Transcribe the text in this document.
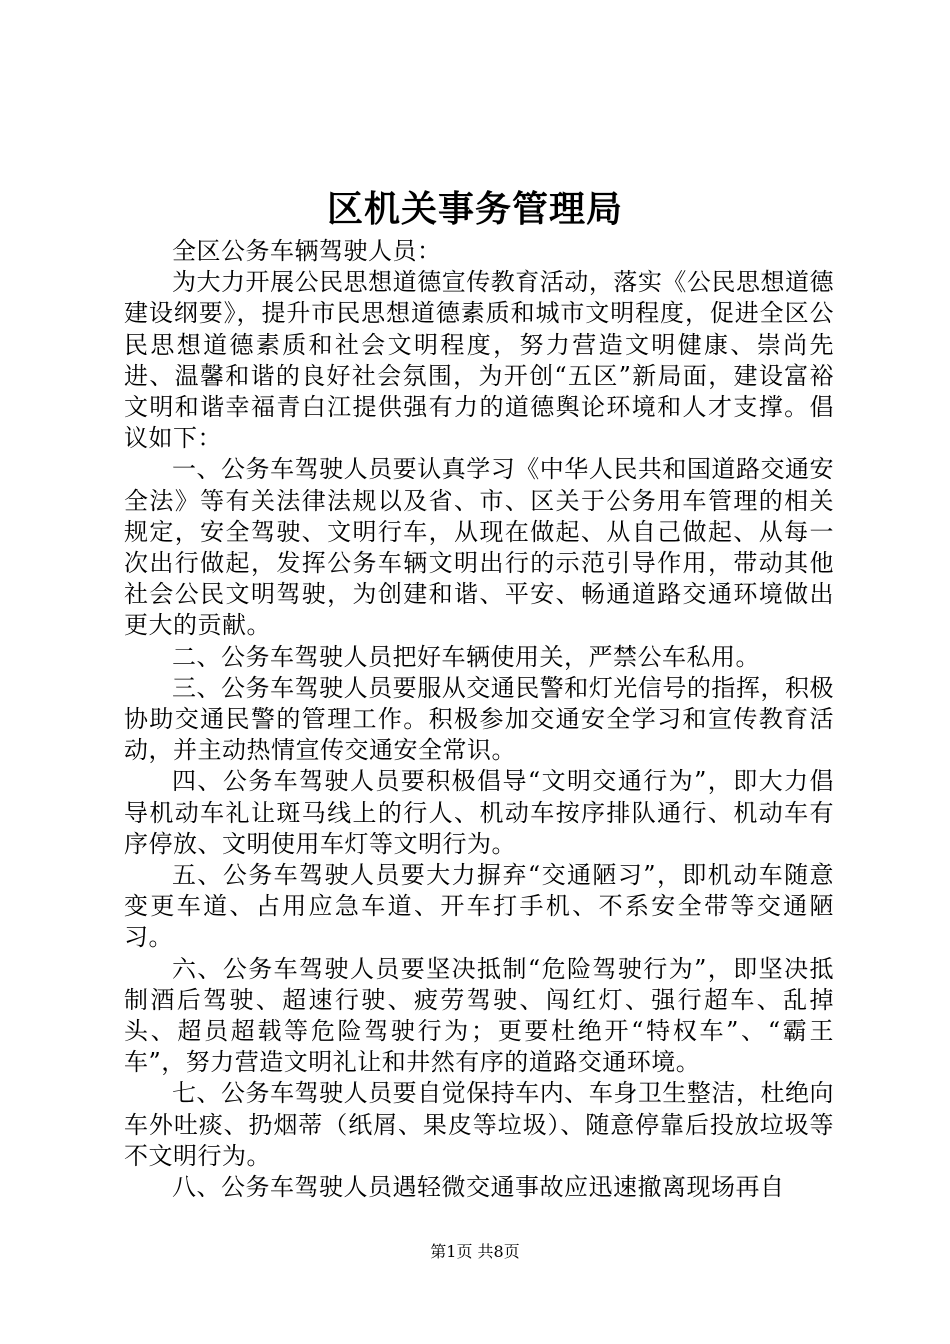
区机关事务管理局

全区公务车辆驾驶人员：

为大力开展公民思想道德宣传教育活动，落实《公民思想道德建设纲要》，提升市民思想道德素质和城市文明程度，促进全区公民思想道德素质和社会文明程度，努力营造文明健康、崇尚先进、温馨和谐的良好社会氛围，为开创“五区”新局面，建设富裕文明和谐幸福青白江提供强有力的道德舆论环境和人才支撑。倡议如下：

一、公务车驾驶人员要认真学习《中华人民共和国道路交通安全法》等有关法律法规以及省、市、区关于公务用车管理的相关规定，安全驾驶、文明行车，从现在做起、从自己做起、从每一次出行做起，发挥公务车辆文明出行的示范引导作用，带动其他社会公民文明驾驶，为创建和谐、平安、畅通道路交通环境做出更大的贡献。

二、公务车驾驶人员把好车辆使用关，严禁公车私用。

三、公务车驾驶人员要服从交通民警和灯光信号的指挥，积极协助交通民警的管理工作。积极参加交通安全学习和宣传教育活动，并主动热情宣传交通安全常识。

四、公务车驾驶人员要积极倡导“文明交通行为”，即大力倡导机动车礼让斑马线上的行人、机动车按序排队通行、机动车有序停放、文明使用车灯等文明行为。

五、公务车驾驶人员要大力摒弃“交通陋习”，即机动车随意变更车道、占用应急车道、开车打手机、不系安全带等交通陋习。

六、公务车驾驶人员要坚决抵制“危险驾驶行为”，即坚决抵制酒后驾驶、超速行驶、疲劳驾驶、闯红灯、强行超车、乱掉头、超员超载等危险驾驶行为；更要杜绝开“特权车”、“霸王车”，努力营造文明礼让和井然有序的道路交通环境。

七、公务车驾驶人员要自觉保持车内、车身卫生整洁，杜绝向车外吐痰、扔烟蒂（纸屑、果皮等垃圾）、随意停靠后投放垃圾等不文明行为。

八、公务车驾驶人员遇轻微交通事故应迅速撤离现场再自

第1页 共8页
